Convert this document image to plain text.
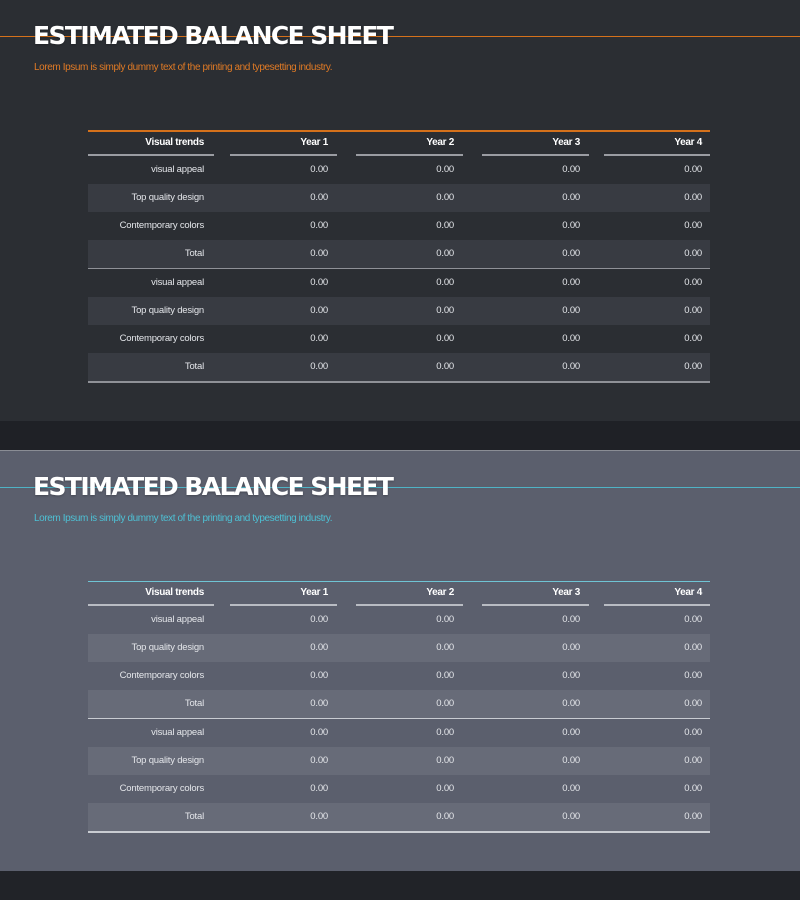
ESTIMATED BALANCE SHEET

Lorem Ipsum is simply dummy text of the printing and typesetting industry.

Visual trends	Year 1	Year 2	Year 3	Year 4
visual appeal	0.00	0.00	0.00	0.00
Top quality design	0.00	0.00	0.00	0.00
Contemporary colors	0.00	0.00	0.00	0.00
Total	0.00	0.00	0.00	0.00
visual appeal	0.00	0.00	0.00	0.00
Top quality design	0.00	0.00	0.00	0.00
Contemporary colors	0.00	0.00	0.00	0.00
Total	0.00	0.00	0.00	0.00
ESTIMATED BALANCE SHEET

Lorem Ipsum is simply dummy text of the printing and typesetting industry.

Visual trends	Year 1	Year 2	Year 3	Year 4
visual appeal	0.00	0.00	0.00	0.00
Top quality design	0.00	0.00	0.00	0.00
Contemporary colors	0.00	0.00	0.00	0.00
Total	0.00	0.00	0.00	0.00
visual appeal	0.00	0.00	0.00	0.00
Top quality design	0.00	0.00	0.00	0.00
Contemporary colors	0.00	0.00	0.00	0.00
Total	0.00	0.00	0.00	0.00
